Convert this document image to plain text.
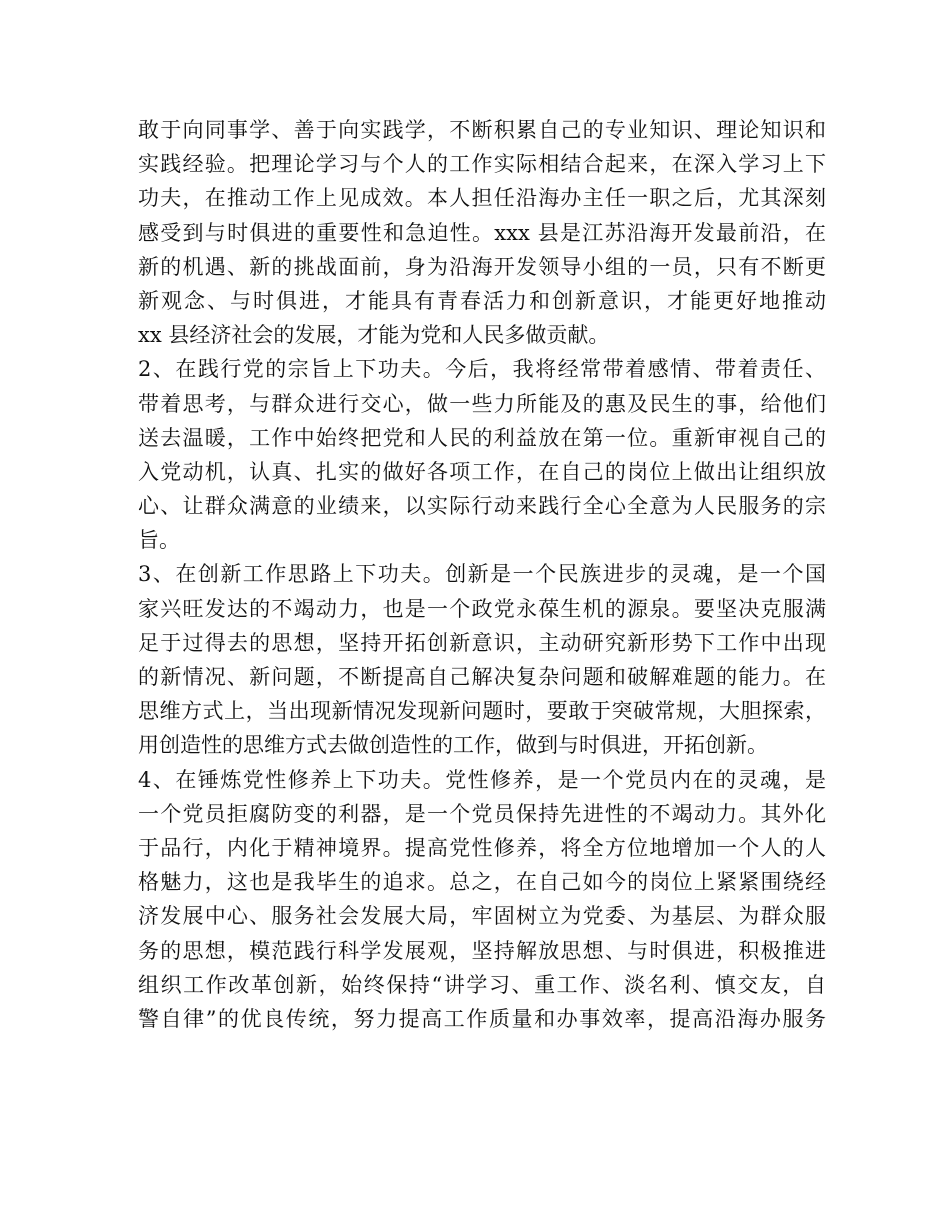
敢于向同事学、善于向实践学，不断积累自己的专业知识、理论知识和
实践经验。把理论学习与个人的工作实际相结合起来，在深入学习上下
功夫，在推动工作上见成效。本人担任沿海办主任一职之后，尤其深刻
感受到与时俱进的重要性和急迫性。xxx 县是江苏沿海开发最前沿，在
新的机遇、新的挑战面前，身为沿海开发领导小组的一员，只有不断更
新观念、与时俱进，才能具有青春活力和创新意识，才能更好地推动
xx 县经济社会的发展，才能为党和人民多做贡献。
2、在践行党的宗旨上下功夫。今后，我将经常带着感情、带着责任、
带着思考，与群众进行交心，做一些力所能及的惠及民生的事，给他们
送去温暖，工作中始终把党和人民的利益放在第一位。重新审视自己的
入党动机，认真、扎实的做好各项工作，在自己的岗位上做出让组织放
心、让群众满意的业绩来，以实际行动来践行全心全意为人民服务的宗
旨。
3、在创新工作思路上下功夫。创新是一个民族进步的灵魂，是一个国
家兴旺发达的不竭动力，也是一个政党永葆生机的源泉。要坚决克服满
足于过得去的思想，坚持开拓创新意识，主动研究新形势下工作中出现
的新情况、新问题，不断提高自己解决复杂问题和破解难题的能力。在
思维方式上，当出现新情况发现新问题时，要敢于突破常规，大胆探索，
用创造性的思维方式去做创造性的工作，做到与时俱进，开拓创新。
4、在锤炼党性修养上下功夫。党性修养，是一个党员内在的灵魂，是
一个党员拒腐防变的利器，是一个党员保持先进性的不竭动力。其外化
于品行，内化于精神境界。提高党性修养，将全方位地增加一个人的人
格魅力，这也是我毕生的追求。总之，在自己如今的岗位上紧紧围绕经
济发展中心、服务社会发展大局，牢固树立为党委、为基层、为群众服
务的思想，模范践行科学发展观，坚持解放思想、与时俱进，积极推进
组织工作改革创新，始终保持“讲学习、重工作、淡名利、慎交友，自
警自律”的优良传统，努力提高工作质量和办事效率，提高沿海办服务
